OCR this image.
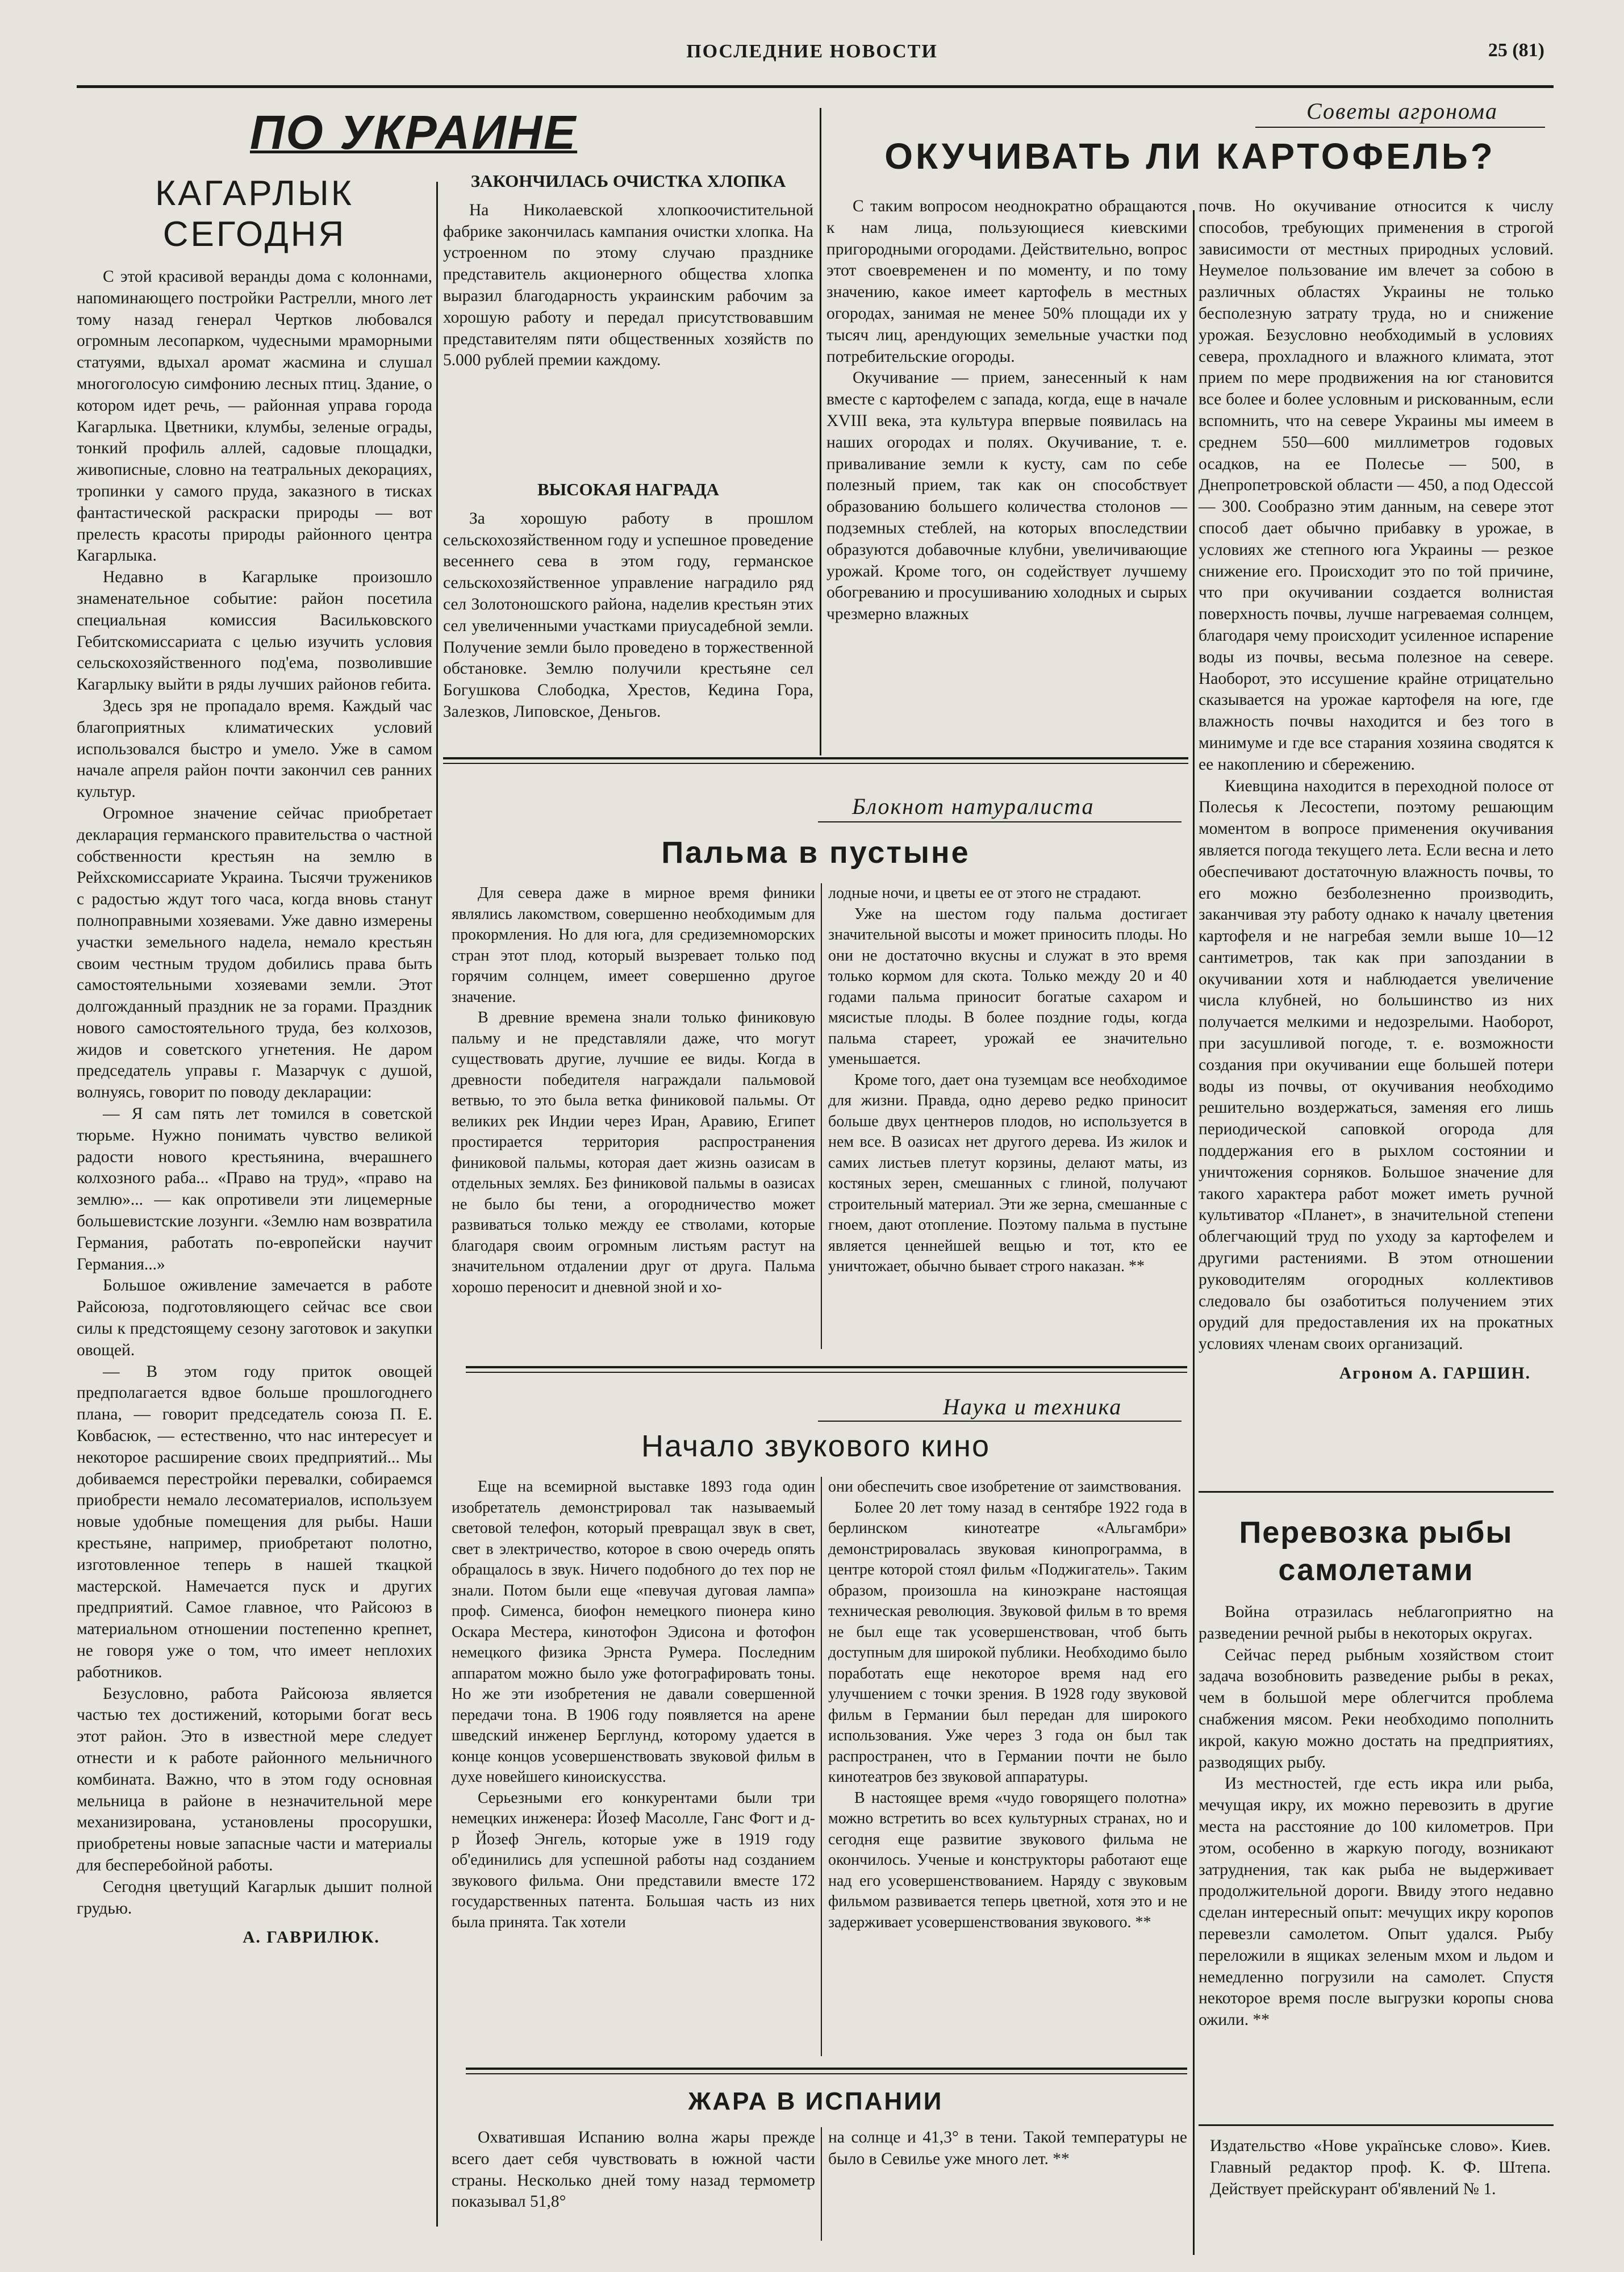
ПОСЛЕДНИЕ НОВОСТИ	25 (81)
ПО УКРАИНЕ
КАГАРЛЫК СЕГОДНЯ

С этой красивой веранды дома с колоннами, напоминающего постройки Растрелли, много лет тому назад генерал Чертков любовался огромным лесопарком, чудесными мраморными статуями, вдыхал аромат жасмина и слушал многоголосую симфонию лесных птиц. Здание, о котором идет речь, — районная управа города Кагарлыка. Цветники, клумбы, зеленые ограды, тонкий профиль аллей, садовые площадки, живописные, словно на театральных декорациях, тропинки у самого пруда, заказного в тисках фантастической раскраски природы — вот прелесть красоты природы районного центра Кагарлыка.

Недавно в Кагарлыке произошло знаменательное событие: район посетила специальная комиссия Васильковского Гебитскомиссариата с целью изучить условия сельскохозяйственного под'ема, позволившие Кагарлыку выйти в ряды лучших районов гебита.

Здесь зря не пропадало время. Каждый час благоприятных климатических условий использовался быстро и умело. Уже в самом начале апреля район почти закончил сев ранних культур.

Огромное значение сейчас приобретает декларация германского правительства о частной собственности крестьян на землю в Рейхскомиссариате Украина. Тысячи тружеников с радостью ждут того часа, когда вновь станут полноправными хозяевами. Уже давно измерены участки земельного надела, немало крестьян своим честным трудом добились права быть самостоятельными хозяевами земли. Этот долгожданный праздник не за горами. Праздник нового самостоятельного труда, без колхозов, жидов и советского угнетения. Не даром председатель управы г. Мазарчук с душой, волнуясь, говорит по поводу декларации:

— Я сам пять лет томился в советской тюрьме. Нужно понимать чувство великой радости нового крестьянина, вчерашнего колхозного раба... «Право на труд», «право на землю»... — как опротивели эти лицемерные большевистские лозунги. «Землю нам возвратила Германия, работать по-европейски научит Германия...»

Большое оживление замечается в работе Райсоюза, подготовляющего сейчас все свои силы к предстоящему сезону заготовок и закупки овощей.

— В этом году приток овощей предполагается вдвое больше прошлогоднего плана, — говорит председатель союза П. Е. Ковбасюк, — естественно, что нас интересует и некоторое расширение своих предприятий... Мы добиваемся перестройки перевалки, собираемся приобрести немало лесоматериалов, используем новые удобные помещения для рыбы. Наши крестьяне, например, приобретают полотно, изготовленное теперь в нашей ткацкой мастерской. Намечается пуск и других предприятий. Самое главное, что Райсоюз в материальном отношении постепенно крепнет, не говоря уже о том, что имеет неплохих работников.

Безусловно, работа Райсоюза является частью тех достижений, которыми богат весь этот район. Это в известной мере следует отнести и к работе районного мельничного комбината. Важно, что в этом году основная мельница в районе в незначительной мере механизирована, установлены просорушки, приобретены новые запасные части и материалы для бесперебойной работы.

Сегодня цветущий Кагарлык дышит полной грудью.

А. ГАВРИЛЮК.
ЗАКОНЧИЛАСЬ ОЧИСТКА ХЛОПКА

На Николаевской хлопкоочистительной фабрике закончилась кампания очистки хлопка. На устроенном по этому случаю празднике представитель акционерного общества хлопка выразил благодарность украинским рабочим за хорошую работу и передал присутствовавшим представителям пяти общественных хозяйств по 5.000 рублей премии каждому.

ВЫСОКАЯ НАГРАДА

За хорошую работу в прошлом сельскохозяйственном году и успешное проведение весеннего сева в этом году, германское сельскохозяйственное управление наградило ряд сел Золотоношского района, наделив крестьян этих сел увеличенными участками приусадебной земли. Получение земли было проведено в торжественной обстановке. Землю получили крестьяне сел Богушкова Слободка, Хрестов, Кедина Гора, Залезков, Липовское, Деньгов.

Советы агронома
ОКУЧИВАТЬ ЛИ КАРТОФЕЛЬ?

С таким вопросом неоднократно обращаются к нам лица, пользующиеся киевскими пригородными огородами. Действительно, вопрос этот своевременен и по моменту, и по тому значению, какое имеет картофель в местных огородах, занимая не менее 50% площади их у тысяч лиц, арендующих земельные участки под потребительские огороды.

Окучивание — прием, занесенный к нам вместе с картофелем с запада, когда, еще в начале XVIII века, эта культура впервые появилась на наших огородах и полях. Окучивание, т. е. приваливание земли к кусту, сам по себе полезный прием, так как он способствует образованию большего количества столонов — подземных стеблей, на которых впоследствии образуются добавочные клубни, увеличивающие урожай. Кроме того, он содействует лучшему обогреванию и просушиванию холодных и сырых чрезмерно влажных

почв. Но окучивание относится к числу способов, требующих применения в строгой зависимости от местных природных условий. Неумелое пользование им влечет за собою в различных областях Украины не только бесполезную затрату труда, но и снижение урожая. Безусловно необходимый в условиях севера, прохладного и влажного климата, этот прием по мере продвижения на юг становится все более и более условным и рискованным, если вспомнить, что на севере Украины мы имеем в среднем 550—600 миллиметров годовых осадков, на ее Полесье — 500, в Днепропетровской области — 450, а под Одессой — 300. Сообразно этим данным, на севере этот способ дает обычно прибавку в урожае, в условиях же степного юга Украины — резкое снижение его. Происходит это по той причине, что при окучивании создается волнистая поверхность почвы, лучше нагреваемая солнцем, благодаря чему происходит усиленное испарение воды из почвы, весьма полезное на севере. Наоборот, это иссушение крайне отрицательно сказывается на урожае картофеля на юге, где влажность почвы находится и без того в минимуме и где все старания хозяина сводятся к ее накоплению и сбережению.

Киевщина находится в переходной полосе от Полесья к Лесостепи, поэтому решающим моментом в вопросе применения окучивания является погода текущего лета. Если весна и лето обеспечивают достаточную влажность почвы, то его можно безболезненно производить, заканчивая эту работу однако к началу цветения картофеля и не нагребая земли выше 10—12 сантиметров, так как при запоздании в окучивании хотя и наблюдается увеличение числа клубней, но большинство из них получается мелкими и недозрелыми. Наоборот, при засушливой погоде, т. е. возможности создания при окучивании еще большей потери воды из почвы, от окучивания необходимо решительно воздержаться, заменяя его лишь периодической саповкой огорода для поддержания его в рыхлом состоянии и уничтожения сорняков. Большое значение для такого характера работ может иметь ручной культиватор «Планет», в значительной степени облегчающий труд по уходу за картофелем и другими растениями. В этом отношении руководителям огородных коллективов следовало бы озаботиться получением этих орудий для предоставления их на прокатных условиях членам своих организаций.

Агроном А. ГАРШИН.
Блокнот натуралиста
Пальма в пустыне

Для севера даже в мирное время финики являлись лакомством, совершенно необходимым для прокормления. Но для юга, для средиземноморских стран этот плод, который вызревает только под горячим солнцем, имеет совершенно другое значение.

В древние времена знали только финиковую пальму и не представляли даже, что могут существовать другие, лучшие ее виды. Когда в древности победителя награждали пальмовой ветвью, то это была ветка финиковой пальмы. От великих рек Индии через Иран, Аравию, Египет простирается территория распространения финиковой пальмы, которая дает жизнь оазисам в отдельных землях. Без финиковой пальмы в оазисах не было бы тени, а огородничество может развиваться только между ее стволами, которые благодаря своим огромным листьям растут на значительном отдалении друг от друга. Пальма хорошо переносит и дневной зной и хо-

лодные ночи, и цветы ее от этого не страдают.

Уже на шестом году пальма достигает значительной высоты и может приносить плоды. Но они не достаточно вкусны и служат в это время только кормом для скота. Только между 20 и 40 годами пальма приносит богатые сахаром и мясистые плоды. В более поздние годы, когда пальма стареет, урожай ее значительно уменьшается.

Кроме того, дает она туземцам все необходимое для жизни. Правда, одно дерево редко приносит больше двух центнеров плодов, но используется в нем все. В оазисах нет другого дерева. Из жилок и самих листьев плетут корзины, делают маты, из костяных зерен, смешанных с глиной, получают строительный материал. Эти же зерна, смешанные с гноем, дают отопление. Поэтому пальма в пустыне является ценнейшей вещью и тот, кто ее уничтожает, обычно бывает строго наказан. **

Наука и техника
Начало звукового кино

Еще на всемирной выставке 1893 года один изобретатель демонстрировал так называемый световой телефон, который превращал звук в свет, свет в электричество, которое в свою очередь опять обращалось в звук. Ничего подобного до тех пор не знали. Потом были еще «певучая дуговая лампа» проф. Сименса, биофон немецкого пионера кино Оскара Местера, кинотофон Эдисона и фотофон немецкого физика Эрнста Румера. Последним аппаратом можно было уже фотографировать тоны. Но же эти изобретения не давали совершенной передачи тона. В 1906 году появляется на арене шведский инженер Берглунд, которому удается в конце концов усовершенствовать звуковой фильм в духе новейшего киноискусства.

Серьезными его конкурентами были три немецких инженера: Йозеф Масолле, Ганс Фогт и д-р Йозеф Энгель, которые уже в 1919 году об'единились для успешной работы над созданием звукового фильма. Они представили вместе 172 государственных патента. Большая часть из них была принята. Так хотели

они обеспечить свое изобретение от заимствования.

Более 20 лет тому назад в сентябре 1922 года в берлинском кинотеатре «Альгамбри» демонстрировалась звуковая кинопрограмма, в центре которой стоял фильм «Поджигатель». Таким образом, произошла на киноэкране настоящая техническая революция. Звуковой фильм в то время не был еще так усовершенствован, чтоб быть доступным для широкой публики. Необходимо было поработать еще некоторое время над его улучшением с точки зрения. В 1928 году звуковой фильм в Германии был передан для широкого использования. Уже через 3 года он был так распространен, что в Германии почти не было кинотеатров без звуковой аппаратуры.

В настоящее время «чудо говорящего полотна» можно встретить во всех культурных странах, но и сегодня еще развитие звукового фильма не окончилось. Ученые и конструкторы работают еще над его усовершенствованием. Наряду с звуковым фильмом развивается теперь цветной, хотя это и не задерживает усовершенствования звукового. **

ЖАРА В ИСПАНИИ

Охватившая Испанию волна жары прежде всего дает себя чувствовать в южной части страны. Несколько дней тому назад термометр показывал 51,8°

на солнце и 41,3° в тени. Такой температуры не было в Севилье уже много лет. **

Перевозка рыбы самолетами

Война отразилась неблагоприятно на разведении речной рыбы в некоторых округах.

Сейчас перед рыбным хозяйством стоит задача возобновить разведение рыбы в реках, чем в большой мере облегчится проблема снабжения мясом. Реки необходимо пополнить икрой, какую можно достать на предприятиях, разводящих рыбу.

Из местностей, где есть икра или рыба, мечущая икру, их можно перевозить в другие места на расстояние до 100 километров. При этом, особенно в жаркую погоду, возникают затруднения, так как рыба не выдерживает продолжительной дороги. Ввиду этого недавно сделан интересный опыт: мечущих икру коропов перевезли самолетом. Опыт удался. Рыбу переложили в ящиках зеленым мхом и льдом и немедленно погрузили на самолет. Спустя некоторое время после выгрузки коропы снова ожили. **

Издательство «Нове українське слово». Киев. Главный редактор проф. К. Ф. Штепа. Действует прейскурант об'явлений № 1.
